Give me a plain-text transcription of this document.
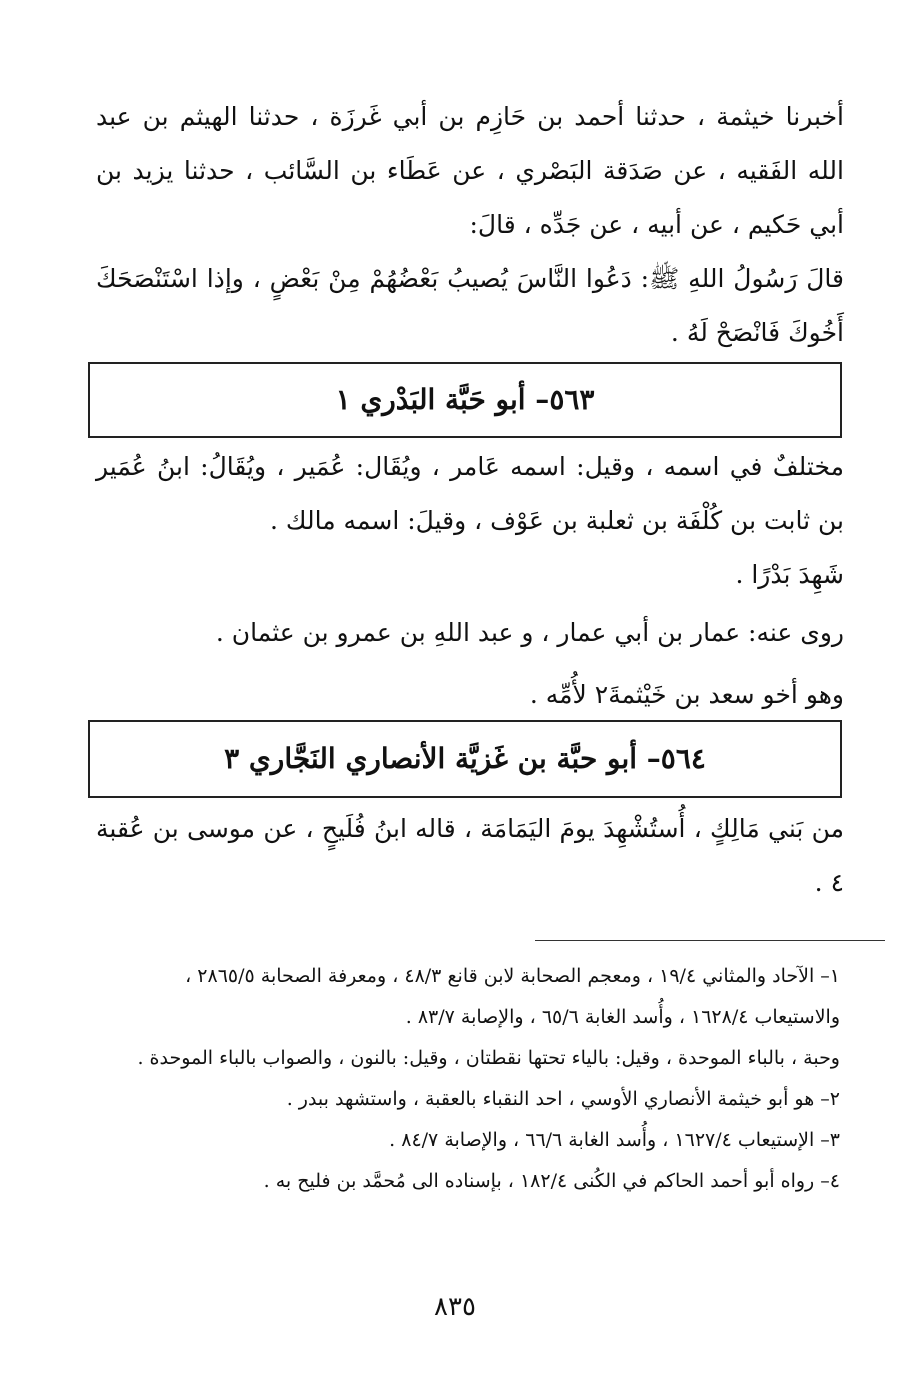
أخبرنا خيثمة ، حدثنا أحمد بن حَازِم بن أبي غَرزَة ، حدثنا الهيثم بن عبد الله الفَقيه ، عن صَدَقة البَصْري ، عن عَطَاء بن السَّائب ، حدثنا يزيد بن أبي حَكيم ، عن أبيه ، عن جَدِّه ، قالَ:

قالَ رَسُولُ اللهِ ﷺ: دَعُوا النَّاسَ يُصيبُ بَعْضُهُمْ مِنْ بَعْضٍ ، وإذا اسْتَنْصَحَكَ أَخُوكَ فَانْصَحْ لَهُ .

٥٦٣– أبو حَبَّة البَدْري ١

مختلفٌ في اسمه ، وقيل: اسمه عَامر ، ويُقَال: عُمَير ، ويُقَالُ: ابنُ عُمَير بن ثابت بن كُلْفَة بن ثعلبة بن عَوْف ، وقيلَ: اسمه مالك .

شَهِدَ بَدْرًا .

روى عنه: عمار بن أبي عمار ، و عبد اللهِ بن عمرو بن عثمان .

وهو أخو سعد بن خَيْثمةَ٢ لأُمِّه .

٥٦٤– أبو حبَّة بن غَزيَّة الأنصاري النَجَّاري ٣

من بَني مَالِكٍ ، أُستُشْهِدَ يومَ اليَمَامَة ، قاله ابنُ فُلَيحٍ ، عن موسى بن عُقبة ٤ .

١– الآحاد والمثاني ١٩/٤ ، ومعجم الصحابة لابن قانع ٤٨/٣ ، ومعرفة الصحابة ٢٨٦٥/٥ ، والاستيعاب ١٦٢٨/٤ ، وأُسد الغابة ٦٥/٦ ، والإصابة ٨٣/٧ .

وحبة ، بالباء الموحدة ، وقيل: بالياء تحتها نقطتان ، وقيل: بالنون ، والصواب بالباء الموحدة .

٢– هو أبو خيثمة الأنصاري الأوسي ، احد النقباء بالعقبة ، واستشهد ببدر .

٣– الإستيعاب ١٦٢٧/٤ ، وأُسد الغابة ٦٦/٦ ، والإصابة ٨٤/٧ .

٤– رواه أبو أحمد الحاكم في الكُنى ١٨٢/٤ ، بإسناده الى مُحمَّد بن فليح به .

٨٣٥
